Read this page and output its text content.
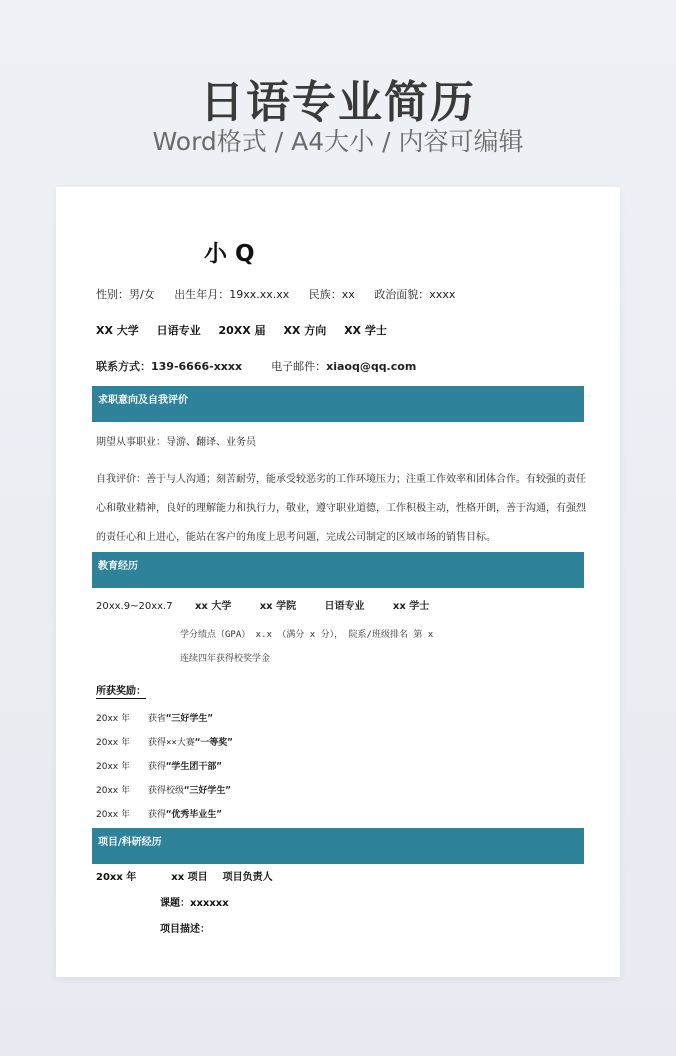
日语专业简历
Word格式 / A4大小 / 内容可编辑
小 Q
性别：男/女 出生年月：19xx.xx.xx 民族：xx 政治面貌：xxxx
XX 大学 日语专业 20XX 届 XX 方向 XX 学士
联系方式：139-6666-xxxx	电子邮件：xiaoq@qq.com
求职意向及自我评价
期望从事职业：导游、翻译、业务员
自我评价：善于与人沟通；刻苦耐劳，能承受较恶劣的工作环境压力；注重工作效率和团体合作。有较强的责任心和敬业精神，良好的理解能力和执行力，敬业，遵守职业道德，工作积极主动，性格开朗，善于沟通，有强烈的责任心和上进心，能站在客户的角度上思考问题，完成公司制定的区域市场的销售目标。
教育经历
20xx.9~20xx.7 xx 大学	xx 学院	日语专业	xx 学士
学分绩点（GPA） x.x （满分 x 分）， 院系/班级排名 第 x
连续四年获得校奖学金
所获奖励：
20xx 年 获省“三好学生”
20xx 年 获得××大赛“一等奖”
20xx 年 获得“学生团干部”
20xx 年 获得校级“三好学生”
20xx 年 获得“优秀毕业生”
项目/科研经历
20xx 年	xx 项目 项目负责人
课题：xxxxxx
项目描述：
